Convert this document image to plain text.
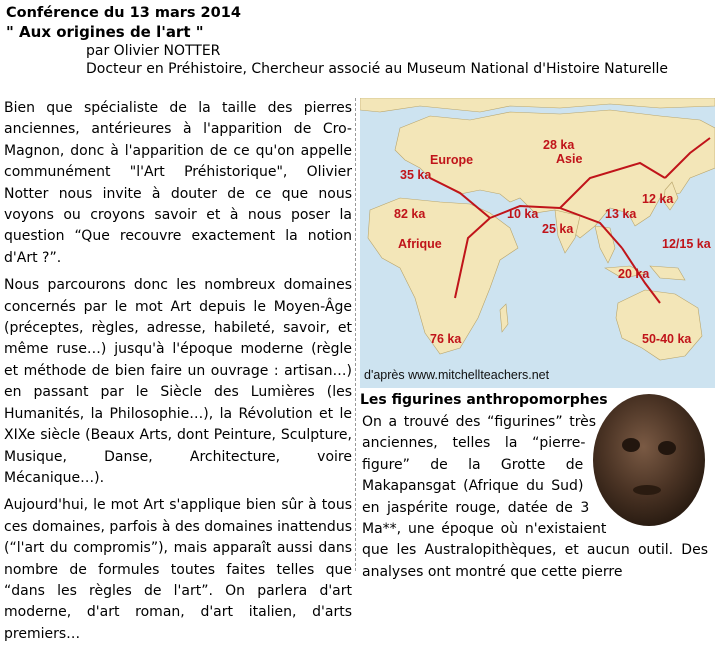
Conférence du 13 mars 2014
" Aux origines de l'art "
par Olivier NOTTER
Docteur en Préhistoire, Chercheur associé au Museum National d'Histoire Naturelle

Bien que spécialiste de la taille des pierres anciennes, antérieures à l'apparition de Cro-Magnon, donc à l'apparition de ce qu'on appelle communément "l'Art Préhistorique", Olivier Notter nous invite à douter de ce que nous voyons ou croyons savoir et à nous poser la question “Que recouvre exactement la notion d'Art ?”.

Nous parcourons donc les nombreux domaines concernés par le mot Art depuis le Moyen-Âge (préceptes, règles, adresse, habileté, savoir, et même ruse…) jusqu'à l'époque moderne (règle et méthode de bien faire un ouvrage : artisan…) en passant par le Siècle des Lumières (les Humanités, la Philosophie…), la Révolution et le XIXe siècle (Beaux Arts, dont Peinture, Sculpture, Musique, Danse, Architecture, voire Mécanique…).

Aujourd'hui, le mot Art s'applique bien sûr à tous ces domaines, parfois à des domaines inattendus (“l'art du compromis”), mais apparaît aussi dans nombre de formules toutes faites telles que “dans les règles de l'art”. On parlera d'art moderne, d'art roman, d'art italien, d'arts premiers…

28 ka
Asie
Europe
35 ka
82 ka	10 ka	13 ka
12 ka
25 ka
Afrique	12/15 ka
20 ka
76 ka	50-40 ka
d'après www.mitchellteachers.net
Les figurines anthropomorphes
On a trouvé des “figurines” très anciennes, telles la “pierre-figure” de la Grotte de Makapansgat (Afrique du Sud) en jaspérite rouge, datée de 3 Ma**, une époque où n'existaient que les Australopithèques, et aucun outil. Des analyses ont montré que cette pierre
